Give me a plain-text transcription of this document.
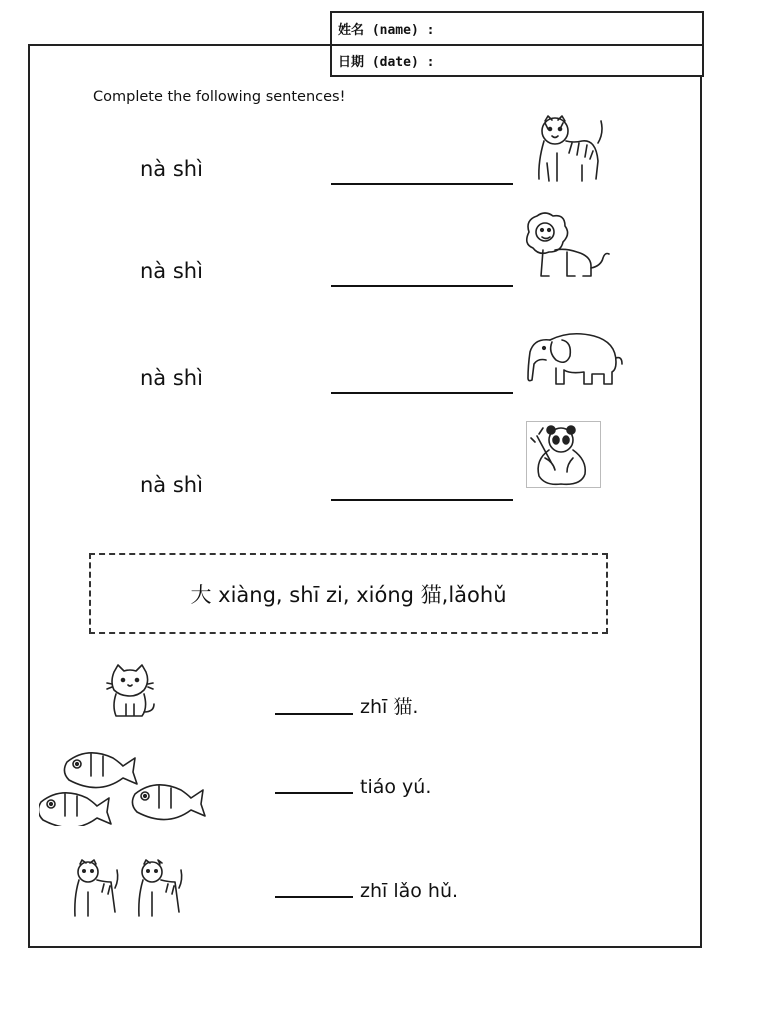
姓名 (name) :
日期 (date) :
Complete the following sentences!
nà shì
nà shì
nà shì
nà shì
大 xiàng, shī zi, xióng 猫,lǎohǔ
zhī 猫.
tiáo yú.
zhī lǎo hǔ.
